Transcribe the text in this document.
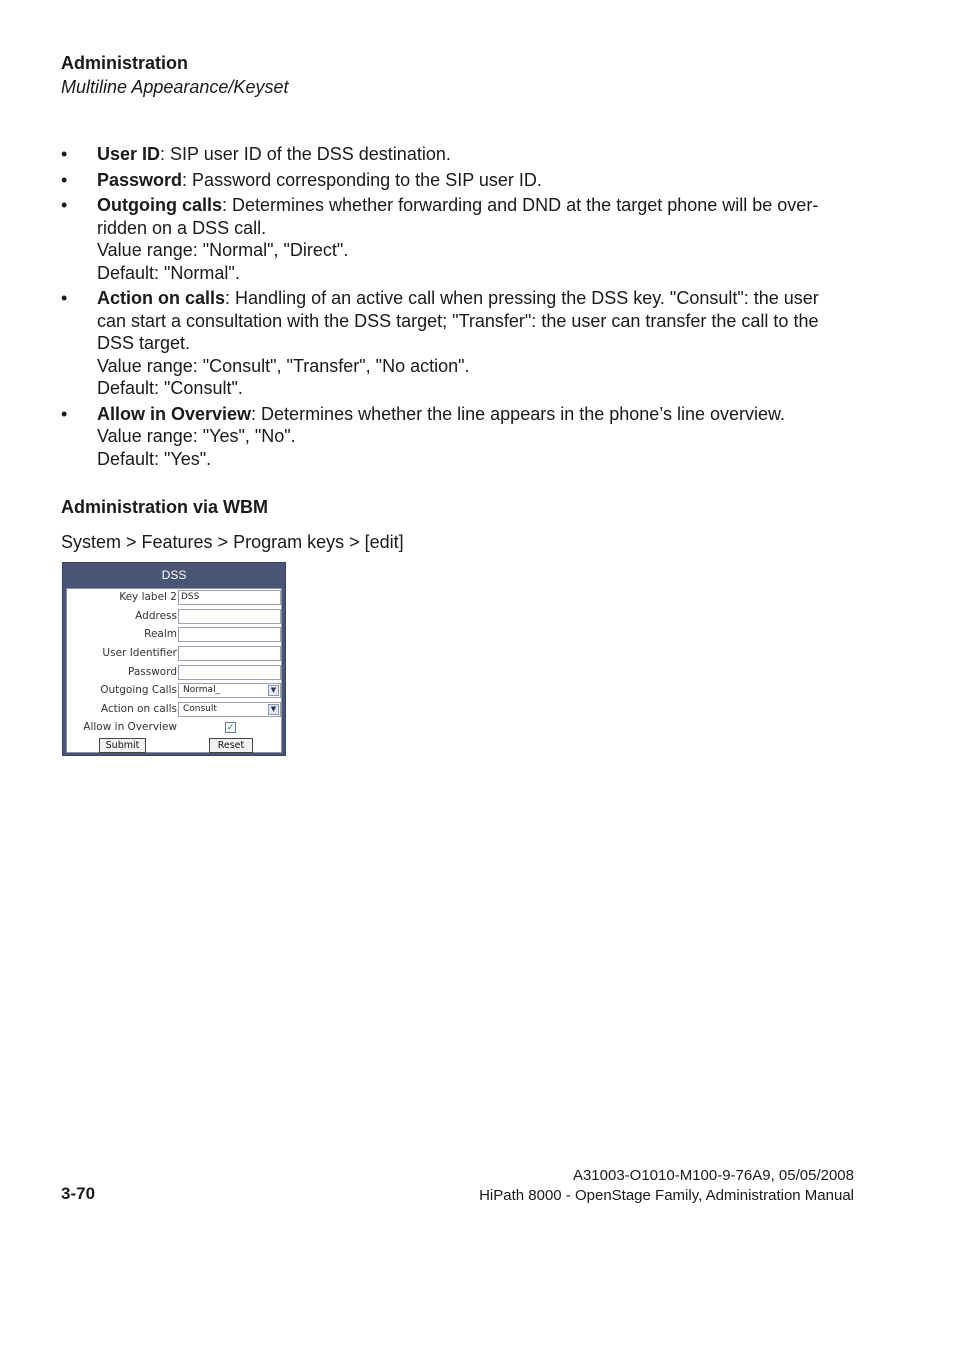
Administration
Multiline Appearance/Keyset
• User ID: SIP user ID of the DSS destination.
• Password: Password corresponding to the SIP user ID.
• Outgoing calls: Determines whether forwarding and DND at the target phone will be over-
ridden on a DSS call.
Value range: "Normal", "Direct".
Default: "Normal".
• Action on calls: Handling of an active call when pressing the DSS key. "Consult": the user
can start a consultation with the DSS target; "Transfer": the user can transfer the call to the
DSS target.
Value range: "Consult", "Transfer", "No action".
Default: "Consult".
• Allow in Overview: Determines whether the line appears in the phone’s line overview.
Value range: "Yes", "No".
Default: "Yes".
Administration via WBM
System > Features > Program keys > [edit]
DSS
Key label 2 DSS
Address
Realm
User Identifier
Password
Outgoing Calls Normal_	▼
Action on calls Consult	▼
Allow in Overview	✓
Submit	Reset
3-70
A31003-O1010-M100-9-76A9, 05/05/2008
HiPath 8000 - OpenStage Family, Administration Manual
